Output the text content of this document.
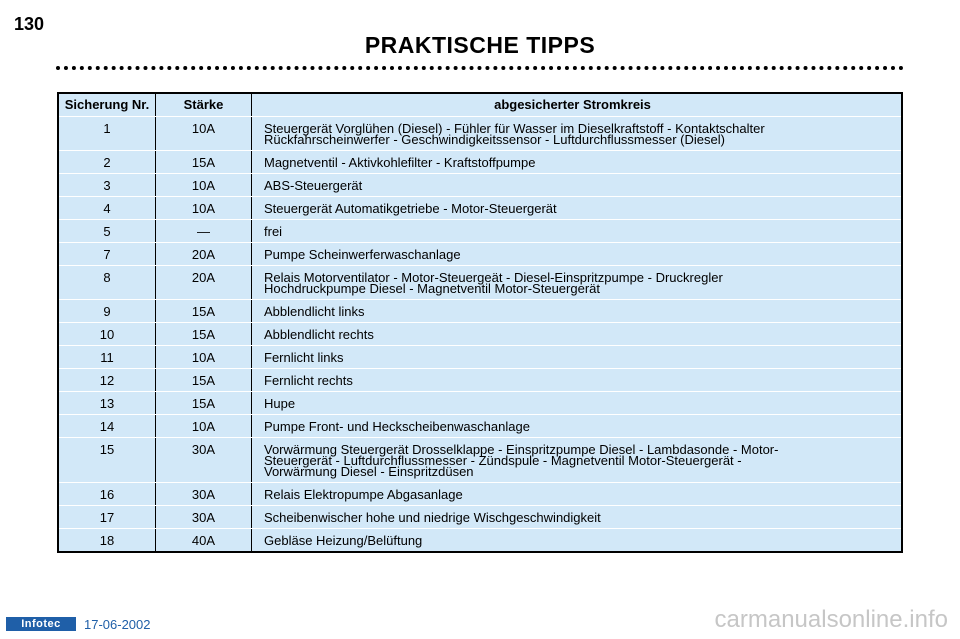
130
PRAKTISCHE TIPPS
Sicherung Nr.	Stärke	abgesicherter Stromkreis
1	10A	Steuergerät Vorglühen (Diesel) - Fühler für Wasser im Dieselkraftstoff - Kontaktschalter
Rückfahrscheinwerfer - Geschwindigkeitssensor - Luftdurchflussmesser (Diesel)
2	15A	Magnetventil - Aktivkohlefilter - Kraftstoffpumpe
3	10A	ABS-Steuergerät
4	10A	Steuergerät Automatikgetriebe - Motor-Steuergerät
5	—	frei
7	20A	Pumpe Scheinwerferwaschanlage
8	20A	Relais Motorventilator - Motor-Steuergeät - Diesel-Einspritzpumpe - Druckregler
Hochdruckpumpe Diesel - Magnetventil Motor-Steuergerät
9	15A	Abblendlicht links
10	15A	Abblendlicht rechts
11	10A	Fernlicht links
12	15A	Fernlicht rechts
13	15A	Hupe
14	10A	Pumpe Front- und Heckscheibenwaschanlage
15	30A	Vorwärmung Steuergerät Drosselklappe - Einspritzpumpe Diesel - Lambdasonde - Motor-
Steuergerät - Luftdurchflussmesser - Zündspule - Magnetventil Motor-Steuergerät -
Vorwärmung Diesel - Einspritzdüsen
16	30A	Relais Elektropumpe Abgasanlage
17	30A	Scheibenwischer hohe und niedrige Wischgeschwindigkeit
18	40A	Gebläse Heizung/Belüftung
Infotec	17-06-2002	carmanualsonline.info
